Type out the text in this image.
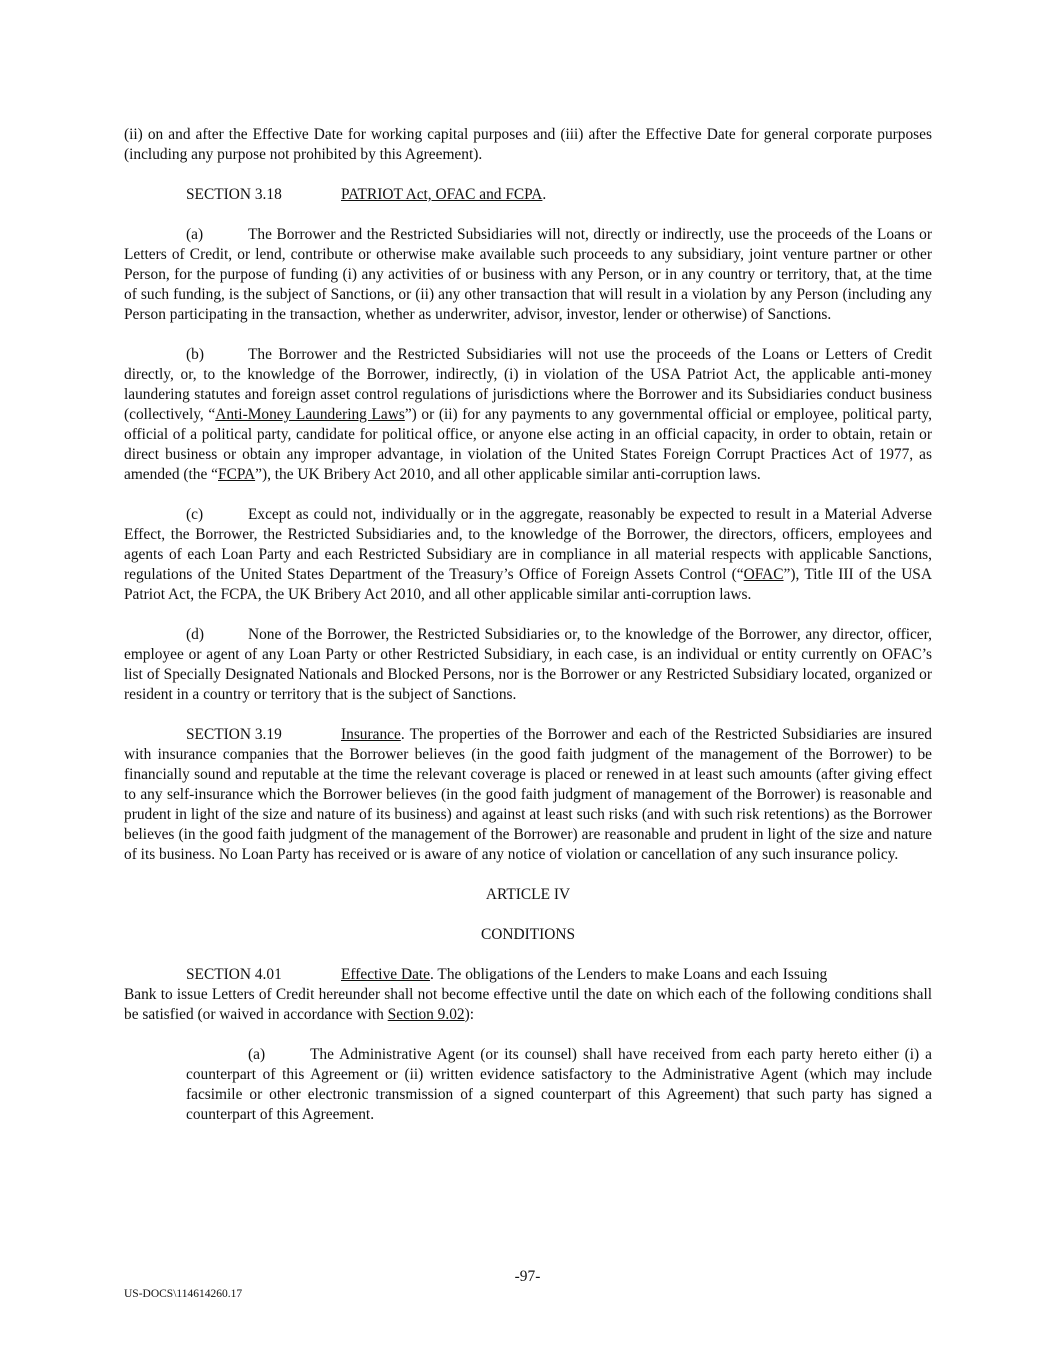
(ii) on and after the Effective Date for working capital purposes and (iii) after the Effective Date for general corporate purposes (including any purpose not prohibited by this Agreement).

SECTION 3.18	PATRIOT Act, OFAC and FCPA.

(a)	The Borrower and the Restricted Subsidiaries will not, directly or indirectly, use the proceeds of the Loans or Letters of Credit, or lend, contribute or otherwise make available such proceeds to any subsidiary, joint venture partner or other Person, for the purpose of funding (i) any activities of or business with any Person, or in any country or territory, that, at the time of such funding, is the subject of Sanctions, or (ii) any other transaction that will result in a violation by any Person (including any Person participating in the transaction, whether as underwriter, advisor, investor, lender or otherwise) of Sanctions.

(b)	The Borrower and the Restricted Subsidiaries will not use the proceeds of the Loans or Letters of Credit directly, or, to the knowledge of the Borrower, indirectly, (i) in violation of the USA Patriot Act, the applicable anti-money laundering statutes and foreign asset control regulations of jurisdictions where the Borrower and its Subsidiaries conduct business (collectively, “Anti-Money Laundering Laws”) or (ii) for any payments to any governmental official or employee, political party, official of a political party, candidate for political office, or anyone else acting in an official capacity, in order to obtain, retain or direct business or obtain any improper advantage, in violation of the United States Foreign Corrupt Practices Act of 1977, as amended (the “FCPA”), the UK Bribery Act 2010, and all other applicable similar anti-corruption laws.

(c)	Except as could not, individually or in the aggregate, reasonably be expected to result in a Material Adverse Effect, the Borrower, the Restricted Subsidiaries and, to the knowledge of the Borrower, the directors, officers, employees and agents of each Loan Party and each Restricted Subsidiary are in compliance in all material respects with applicable Sanctions, regulations of the United States Department of the Treasury’s Office of Foreign Assets Control (“OFAC”), Title III of the USA Patriot Act, the FCPA, the UK Bribery Act 2010, and all other applicable similar anti-corruption laws.

(d)	None of the Borrower, the Restricted Subsidiaries or, to the knowledge of the Borrower, any director, officer, employee or agent of any Loan Party or other Restricted Subsidiary, in each case, is an individual or entity currently on OFAC’s list of Specially Designated Nationals and Blocked Persons, nor is the Borrower or any Restricted Subsidiary located, organized or resident in a country or territory that is the subject of Sanctions.

SECTION 3.19	Insurance. The properties of the Borrower and each of the Restricted Subsidiaries are insured with insurance companies that the Borrower believes (in the good faith judgment of the management of the Borrower) to be financially sound and reputable at the time the relevant coverage is placed or renewed in at least such amounts (after giving effect to any self-insurance which the Borrower believes (in the good faith judgment of management of the Borrower) is reasonable and prudent in light of the size and nature of its business) and against at least such risks (and with such risk retentions) as the Borrower believes (in the good faith judgment of the management of the Borrower) are reasonable and prudent in light of the size and nature of its business. No Loan Party has received or is aware of any notice of violation or cancellation of any such insurance policy.

ARTICLE IV

CONDITIONS

SECTION 4.01	Effective Date. The obligations of the Lenders to make Loans and each Issuing

Bank to issue Letters of Credit hereunder shall not become effective until the date on which each of the following conditions shall be satisfied (or waived in accordance with Section 9.02):

(a)	The Administrative Agent (or its counsel) shall have received from each party hereto either (i) a counterpart of this Agreement or (ii) written evidence satisfactory to the Administrative Agent (which may include facsimile or other electronic transmission of a signed counterpart of this Agreement) that such party has signed a counterpart of this Agreement.

-97-
US-DOCS\114614260.17
